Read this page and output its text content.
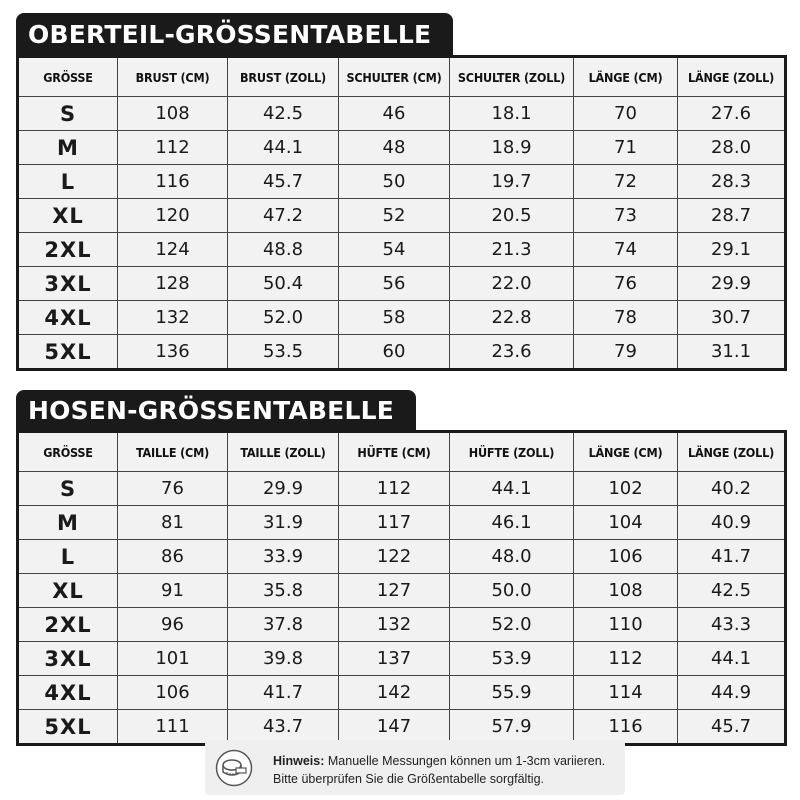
OBERTEIL-GRÖSSENTABELLE
GRÖSSE	BRUST (CM)	BRUST (ZOLL)	SCHULTER (CM)	SCHULTER (ZOLL)	LÄNGE (CM)	LÄNGE (ZOLL)
S	108	42.5	46	18.1	70	27.6
M	112	44.1	48	18.9	71	28.0
L	116	45.7	50	19.7	72	28.3
XL	120	47.2	52	20.5	73	28.7
2XL	124	48.8	54	21.3	74	29.1
3XL	128	50.4	56	22.0	76	29.9
4XL	132	52.0	58	22.8	78	30.7
5XL	136	53.5	60	23.6	79	31.1
HOSEN-GRÖSSENTABELLE
GRÖSSE	TAILLE (CM)	TAILLE (ZOLL)	HÜFTE (CM)	HÜFTE (ZOLL)	LÄNGE (CM)	LÄNGE (ZOLL)
S	76	29.9	112	44.1	102	40.2
M	81	31.9	117	46.1	104	40.9
L	86	33.9	122	48.0	106	41.7
XL	91	35.8	127	50.0	108	42.5
2XL	96	37.8	132	52.0	110	43.3
3XL	101	39.8	137	53.9	112	44.1
4XL	106	41.7	142	55.9	114	44.9
5XL	111	43.7	147	57.9	116	45.7
Hinweis: Manuelle Messungen können um 1-3cm variieren.
Bitte überprüfen Sie die Größentabelle sorgfältig.
